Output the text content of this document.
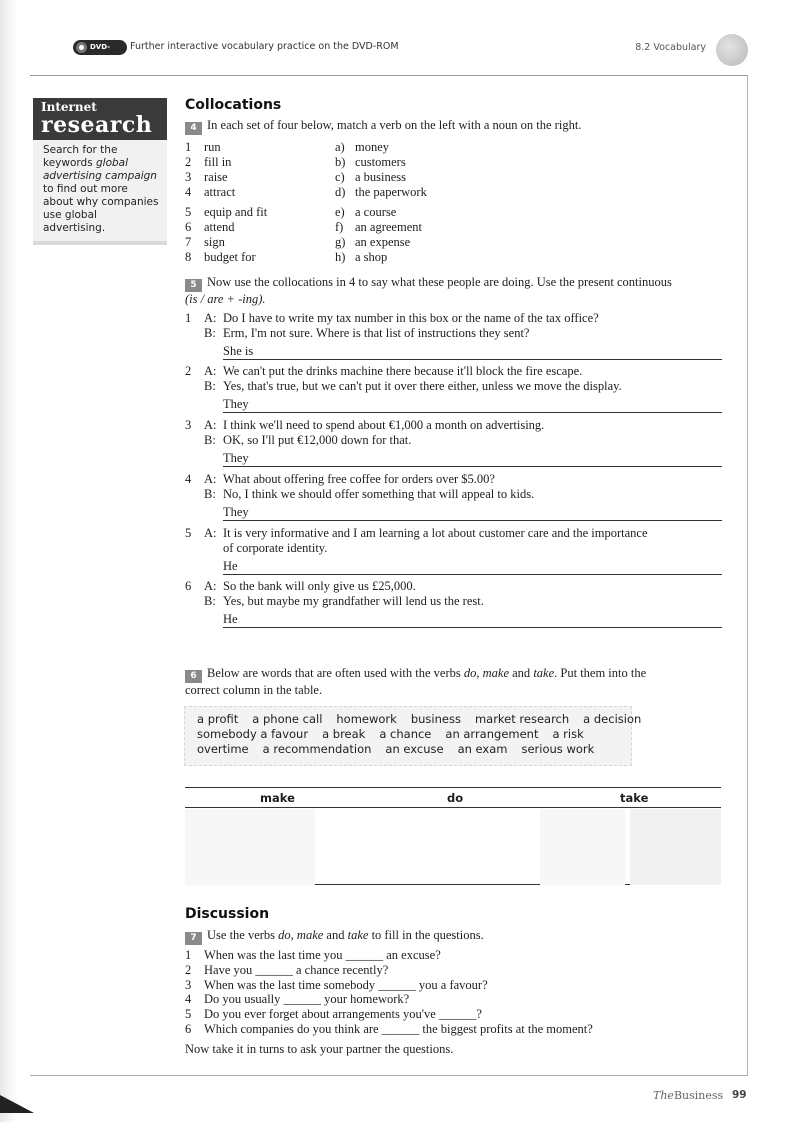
DVD-ROM
Further interactive vocabulary practice on the DVD-ROM	8.2 Vocabulary
Internet
research
Search for the keywords global advertising campaign to find out more about why companies use global advertising.
Collocations
4 In each set of four below, match a verb on the left with a noun on the right.
1 run	a) money
2 fill in	b) customers
3 raise	c) a business
4 attract	d) the paperwork
5 equip and fit	e) a course
6 attend	f) an agreement
7 sign	g) an expense
8 budget for	h) a shop
5 Now use the collocations in 4 to say what these people are doing. Use the present continuous
(is / are + -ing).
1 A: Do I have to write my tax number in this box or the name of the tax office?
B: Erm, I'm not sure. Where is that list of instructions they sent?
She is
2 A: We can't put the drinks machine there because it'll block the fire escape.
B: Yes, that's true, but we can't put it over there either, unless we move the display.
They
3 A: I think we'll need to spend about €1,000 a month on advertising.
B: OK, so I'll put €12,000 down for that.
They
4 A: What about offering free coffee for orders over $5.00?
B: No, I think we should offer something that will appeal to kids.
They
5 A: It is very informative and I am learning a lot about customer care and the importance
of corporate identity.
He
6 A: So the bank will only give us £25,000.
B: Yes, but maybe my grandfather will lend us the rest.
He
6 Below are words that are often used with the verbs do, make and take. Put them into the
correct column in the table.
a profit a phone call homework business market research a decision
somebody a favour a break a chance an arrangement a risk
overtime a recommendation an excuse an exam serious work
make	do	take
Discussion
7 Use the verbs do, make and take to fill in the questions.
1 When was the last time you ______ an excuse?
2 Have you ______ a chance recently?
3 When was the last time somebody ______ you a favour?
4 Do you usually ______ your homework?
5 Do you ever forget about arrangements you've ______?
6 Which companies do you think are ______ the biggest profits at the moment?
Now take it in turns to ask your partner the questions.
TheBusiness 99
